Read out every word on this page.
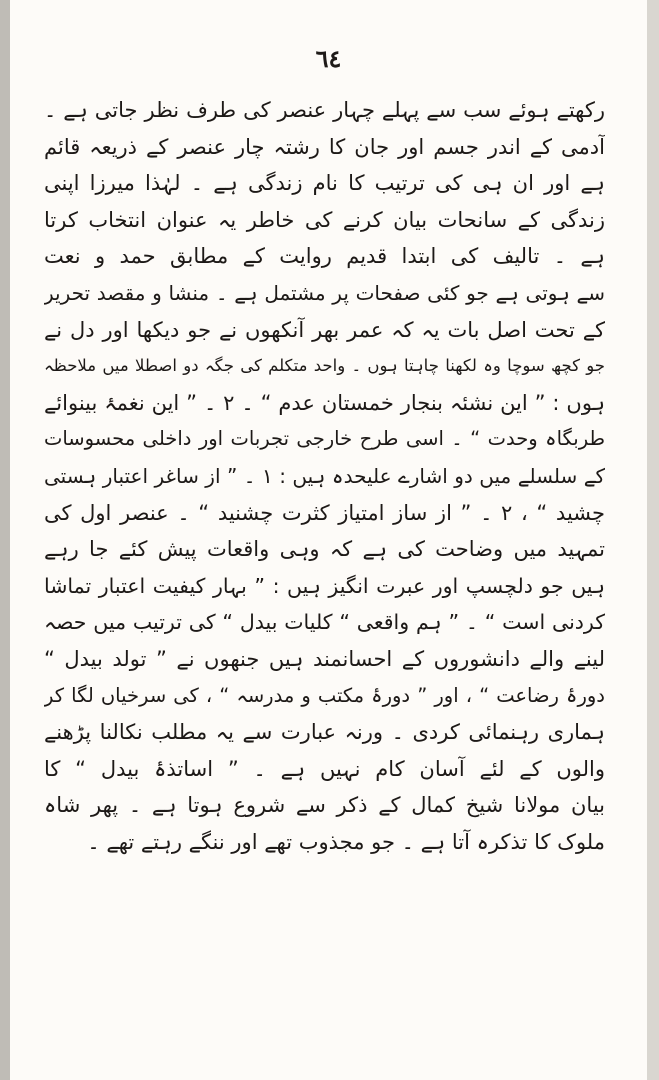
٦٤
رکھتے ہوئے سب سے پہلے چہار عنصر کی طرف نظر جاتی ہے ۔
آدمی کے اندر جسم اور جان کا رشتہ چار عنصر کے ذریعہ قائم
ہے اور ان ہی کی ترتیب کا نام زندگی ہے ۔ لہٰذا میرزا اپنی
زندگی کے سانحات بیان کرنے کی خاطر یہ عنوان انتخاب کرتا
ہے ۔ تالیف کی ابتدا قدیم روایت کے مطابق حمد و نعت
سے ہوتی ہے جو کئی صفحات پر مشتمل ہے ۔ منشا و مقصد تحریر
کے تحت اصل بات یہ کہ عمر بھر آنکھوں نے جو دیکھا اور دل نے
جو کچھ سوچا وہ لکھنا چاہتا ہوں ۔ واحد متکلم کی جگہ دو اصطلا میں ملاحظہ
ہوں : ” این نشئہ بنجار خمستان عدم “ ۔ ٢ ۔ ” این نغمۂ بینوائے
طربگاہ وحدت “ ۔ اسی طرح خارجی تجربات اور داخلی محسوسات
کے سلسلے میں دو اشارے علیحدہ ہیں : ١ ۔ ” از ساغر اعتبار ہستی
چشید “ ، ٢ ۔ ” از ساز امتیاز کثرت چشنید “ ۔ عنصر اول کی
تمہید میں وضاحت کی ہے کہ وہی واقعات پیش کئے جا رہے
ہیں جو دلچسپ اور عبرت انگیز ہیں : ” بہار کیفیت اعتبار تماشا
کردنی است “ ۔ ” ہم واقعی “ کلیات بیدل “ کی ترتیب میں حصہ
لینے والے دانشوروں کے احسانمند ہیں جنھوں نے ” تولد بیدل “
دورۂ رضاعت “ ، اور ” دورۂ مکتب و مدرسہ “ ، کی سرخیاں لگا کر
ہماری رہنمائی کردی ۔ ورنہ عبارت سے یہ مطلب نکالنا پڑھنے
والوں کے لئے آسان کام نہیں ہے ۔ ” اساتذۂ بیدل “ کا
بیان مولانا شیخ کمال کے ذکر سے شروع ہوتا ہے ۔ پھر شاہ
ملوک کا تذکرہ آتا ہے ۔ جو مجذوب تھے اور ننگے رہتے تھے ۔
